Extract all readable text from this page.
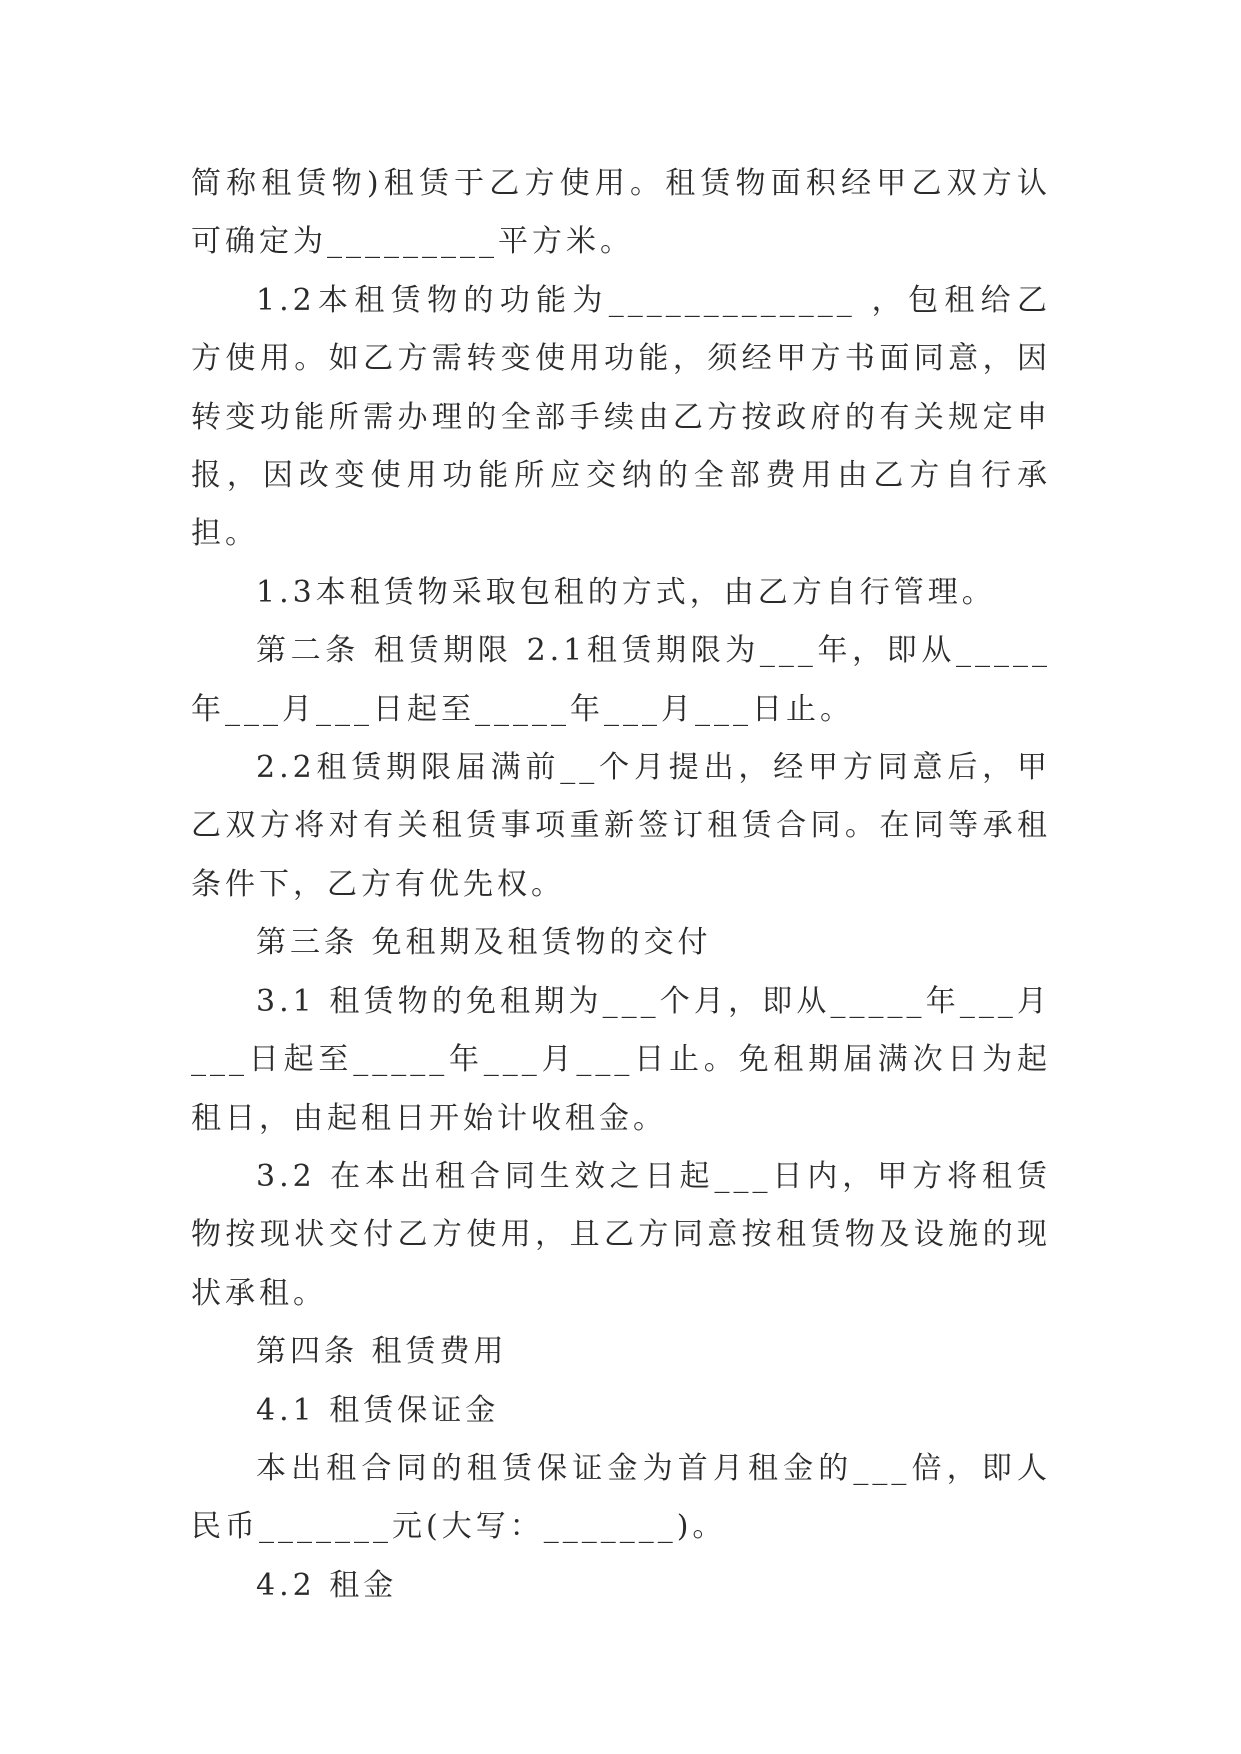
简称租赁物)租赁于乙方使用。租赁物面积经甲乙双方认可确定为_________平方米。

1.2本租赁物的功能为_____________ ，包租给乙方使用。如乙方需转变使用功能，须经甲方书面同意，因转变功能所需办理的全部手续由乙方按政府的有关规定申报，因改变使用功能所应交纳的全部费用由乙方自行承担。

1.3本租赁物采取包租的方式，由乙方自行管理。

第二条 租赁期限 2.1租赁期限为___年，即从_____年___月___日起至_____年___月___日止。

2.2租赁期限届满前__个月提出，经甲方同意后，甲乙双方将对有关租赁事项重新签订租赁合同。在同等承租条件下，乙方有优先权。

第三条 免租期及租赁物的交付

3.1 租赁物的免租期为___个月，即从_____年___月___日起至_____年___月___日止。免租期届满次日为起租日，由起租日开始计收租金。

3.2 在本出租合同生效之日起___日内，甲方将租赁物按现状交付乙方使用，且乙方同意按租赁物及设施的现状承租。

第四条 租赁费用

4.1 租赁保证金

本出租合同的租赁保证金为首月租金的___倍，即人民币_______元(大写：_______)。

4.2 租金
